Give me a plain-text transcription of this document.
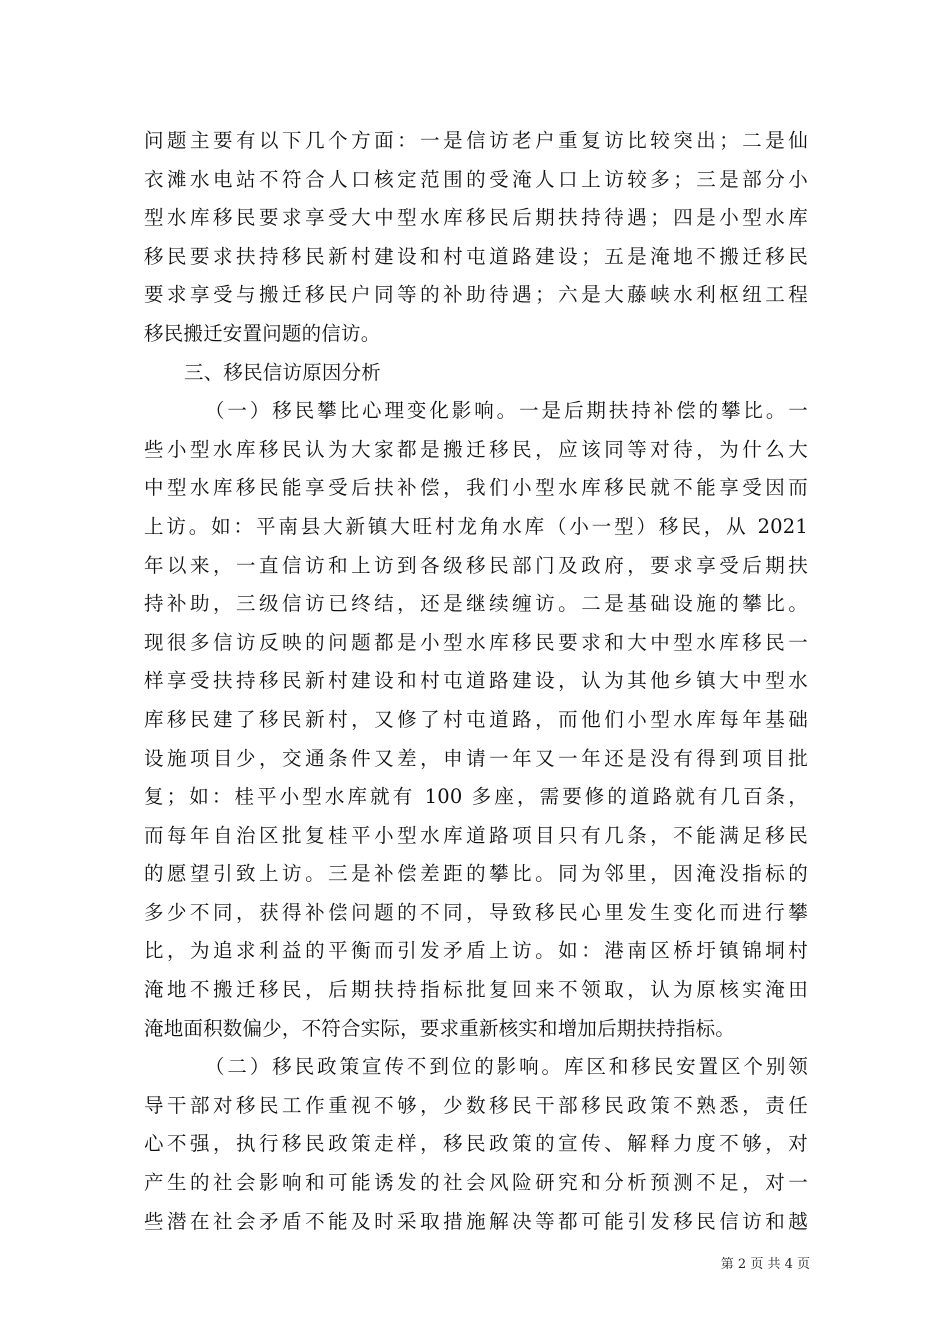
问题主要有以下几个方面：一是信访老户重复访比较突出；二是仙
衣滩水电站不符合人口核定范围的受淹人口上访较多；三是部分小
型水库移民要求享受大中型水库移民后期扶持待遇；四是小型水库
移民要求扶持移民新村建设和村屯道路建设；五是淹地不搬迁移民
要求享受与搬迁移民户同等的补助待遇；六是大藤峡水利枢纽工程
移民搬迁安置问题的信访。
三、移民信访原因分析
（一）移民攀比心理变化影响。一是后期扶持补偿的攀比。一
些小型水库移民认为大家都是搬迁移民，应该同等对待，为什么大
中型水库移民能享受后扶补偿，我们小型水库移民就不能享受因而
上访。如：平南县大新镇大旺村龙角水库（小一型）移民，从 2021
年以来，一直信访和上访到各级移民部门及政府，要求享受后期扶
持补助，三级信访已终结，还是继续缠访。二是基础设施的攀比。
现很多信访反映的问题都是小型水库移民要求和大中型水库移民一
样享受扶持移民新村建设和村屯道路建设，认为其他乡镇大中型水
库移民建了移民新村，又修了村屯道路，而他们小型水库每年基础
设施项目少，交通条件又差，申请一年又一年还是没有得到项目批
复；如：桂平小型水库就有 100 多座，需要修的道路就有几百条，
而每年自治区批复桂平小型水库道路项目只有几条，不能满足移民
的愿望引致上访。三是补偿差距的攀比。同为邻里，因淹没指标的
多少不同，获得补偿问题的不同，导致移民心里发生变化而进行攀
比，为追求利益的平衡而引发矛盾上访。如：港南区桥圩镇锦垌村
淹地不搬迁移民，后期扶持指标批复回来不领取，认为原核实淹田
淹地面积数偏少，不符合实际，要求重新核实和增加后期扶持指标。
（二）移民政策宣传不到位的影响。库区和移民安置区个别领
导干部对移民工作重视不够，少数移民干部移民政策不熟悉，责任
心不强，执行移民政策走样，移民政策的宣传、解释力度不够，对
产生的社会影响和可能诱发的社会风险研究和分析预测不足，对一
些潜在社会矛盾不能及时采取措施解决等都可能引发移民信访和越
第 2 页 共 4 页
